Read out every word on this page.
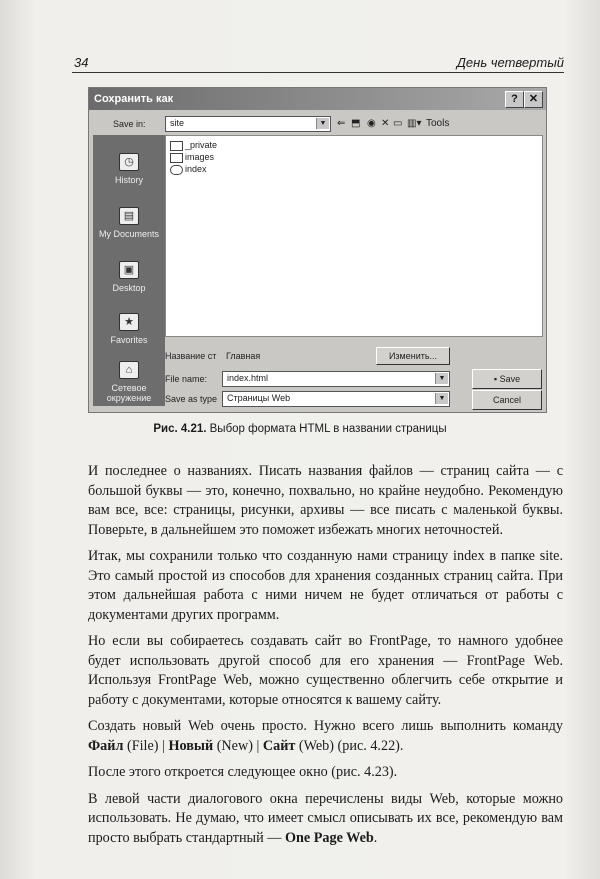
34	День четвертый
Сохранить как	?	✕
Save in:	site	▼ ⇐ ⬒ ◉ ✕ ▭ ▥▾ Tools
◷
History
▤
My Documents
▣
Desktop
★
Favorites
⌂
Сетевое окружение
_private
images
index
Название ст Главная	Изменить...
File name: index.html	▼	▪ Save
Save as type Страницы Web	▼	Cancel
Рис. 4.21. Выбор формата HTML в названии страницы

И последнее о названиях. Писать названия файлов — страниц сайта — с большой буквы — это, конечно, похвально, но крайне неудобно. Рекомендую вам все, все: страницы, рисунки, архивы — все писать с маленькой буквы. Поверьте, в дальнейшем это поможет избежать многих неточностей.

Итак, мы сохранили только что созданную нами страницу index в папке site. Это самый простой из способов для хранения созданных страниц сайта. При этом дальнейшая работа с ними ничем не будет отличаться от работы с документами других программ.

Но если вы собираетесь создавать сайт во FrontPage, то намного удобнее будет использовать другой способ для его хранения — FrontPage Web. Используя FrontPage Web, можно существенно облегчить себе открытие и работу с документами, которые относятся к вашему сайту.

Создать новый Web очень просто. Нужно всего лишь выполнить команду Файл (File) | Новый (New) | Сайт (Web) (рис. 4.22).

После этого откроется следующее окно (рис. 4.23).

В левой части диалогового окна перечислены виды Web, которые можно использовать. Не думаю, что имеет смысл описывать их все, рекомендую вам просто выбрать стандартный — One Page Web.
